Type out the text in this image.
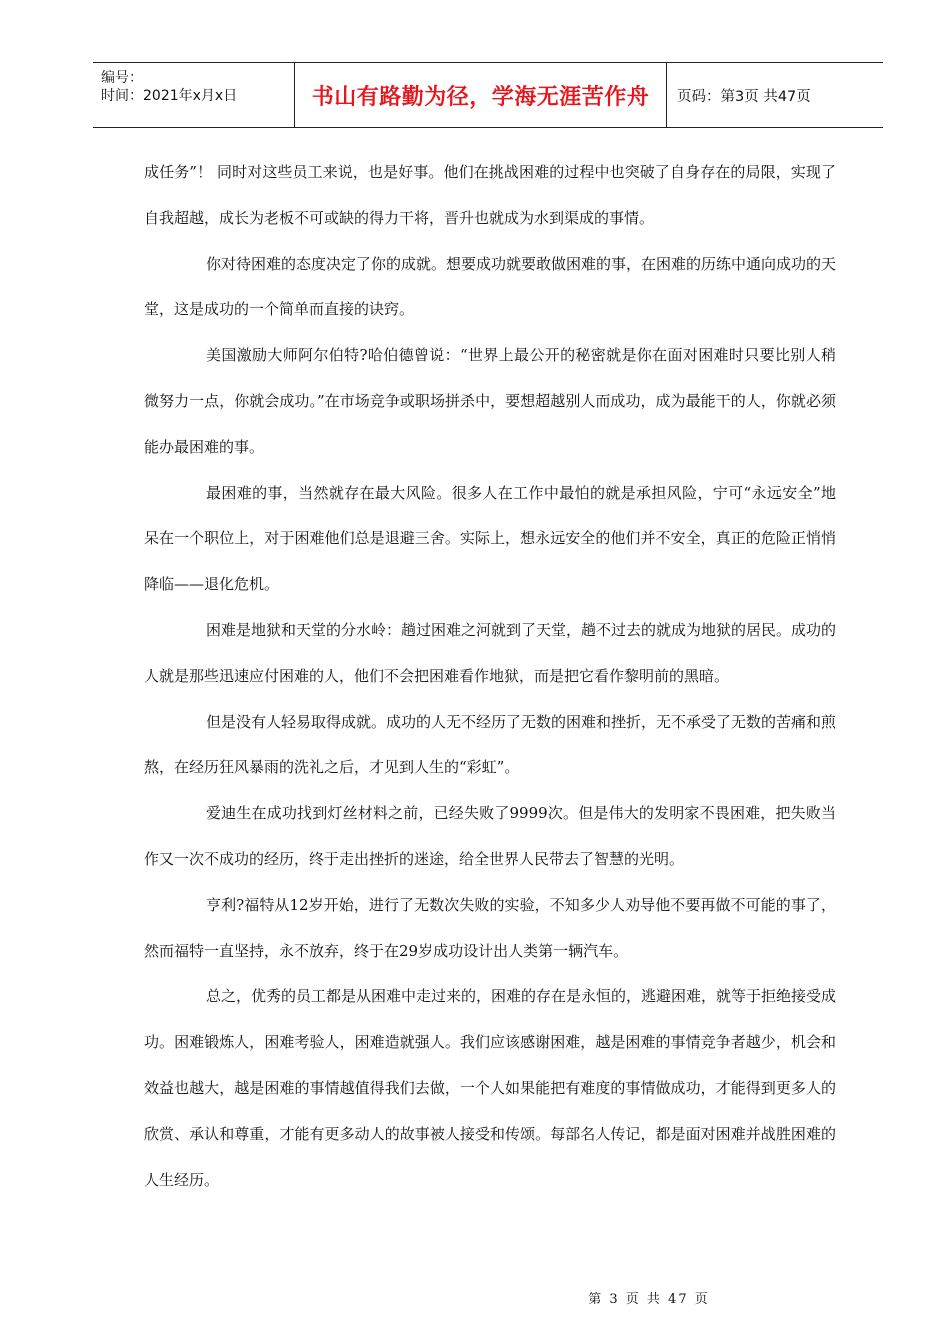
编号：
时间：2021年x月x日	书山有路勤为径，学海无涯苦作舟	页码：第3页 共47页

成任务”！ 同时对这些员工来说，也是好事。他们在挑战困难的过程中也突破了自身存在的局限，实现了自我超越，成长为老板不可或缺的得力干将，晋升也就成为水到渠成的事情。

你对待困难的态度决定了你的成就。想要成功就要敢做困难的事，在困难的历练中通向成功的天堂，这是成功的一个简单而直接的诀窍。

美国激励大师阿尔伯特?哈伯德曾说：“世界上最公开的秘密就是你在面对困难时只要比别人稍微努力一点，你就会成功。”在市场竞争或职场拼杀中，要想超越别人而成功，成为最能干的人，你就必须能办最困难的事。

最困难的事，当然就存在最大风险。很多人在工作中最怕的就是承担风险，宁可“永远安全”地呆在一个职位上，对于困难他们总是退避三舍。实际上，想永远安全的他们并不安全，真正的危险正悄悄降临——退化危机。

困难是地狱和天堂的分水岭：趟过困难之河就到了天堂，趟不过去的就成为地狱的居民。成功的人就是那些迅速应付困难的人，他们不会把困难看作地狱，而是把它看作黎明前的黑暗。

但是没有人轻易取得成就。成功的人无不经历了无数的困难和挫折，无不承受了无数的苦痛和煎熬，在经历狂风暴雨的洗礼之后，才见到人生的“彩虹”。

爱迪生在成功找到灯丝材料之前，已经失败了9999次。但是伟大的发明家不畏困难，把失败当作又一次不成功的经历，终于走出挫折的迷途，给全世界人民带去了智慧的光明。

亨利?福特从12岁开始，进行了无数次失败的实验，不知多少人劝导他不要再做不可能的事了，然而福特一直坚持，永不放弃，终于在29岁成功设计出人类第一辆汽车。

总之，优秀的员工都是从困难中走过来的，困难的存在是永恒的，逃避困难，就等于拒绝接受成功。困难锻炼人，困难考验人，困难造就强人。我们应该感谢困难，越是困难的事情竞争者越少，机会和效益也越大，越是困难的事情越值得我们去做，一个人如果能把有难度的事情做成功，才能得到更多人的欣赏、承认和尊重，才能有更多动人的故事被人接受和传颂。每部名人传记，都是面对困难并战胜困难的人生经历。

第 3 页 共 47 页
